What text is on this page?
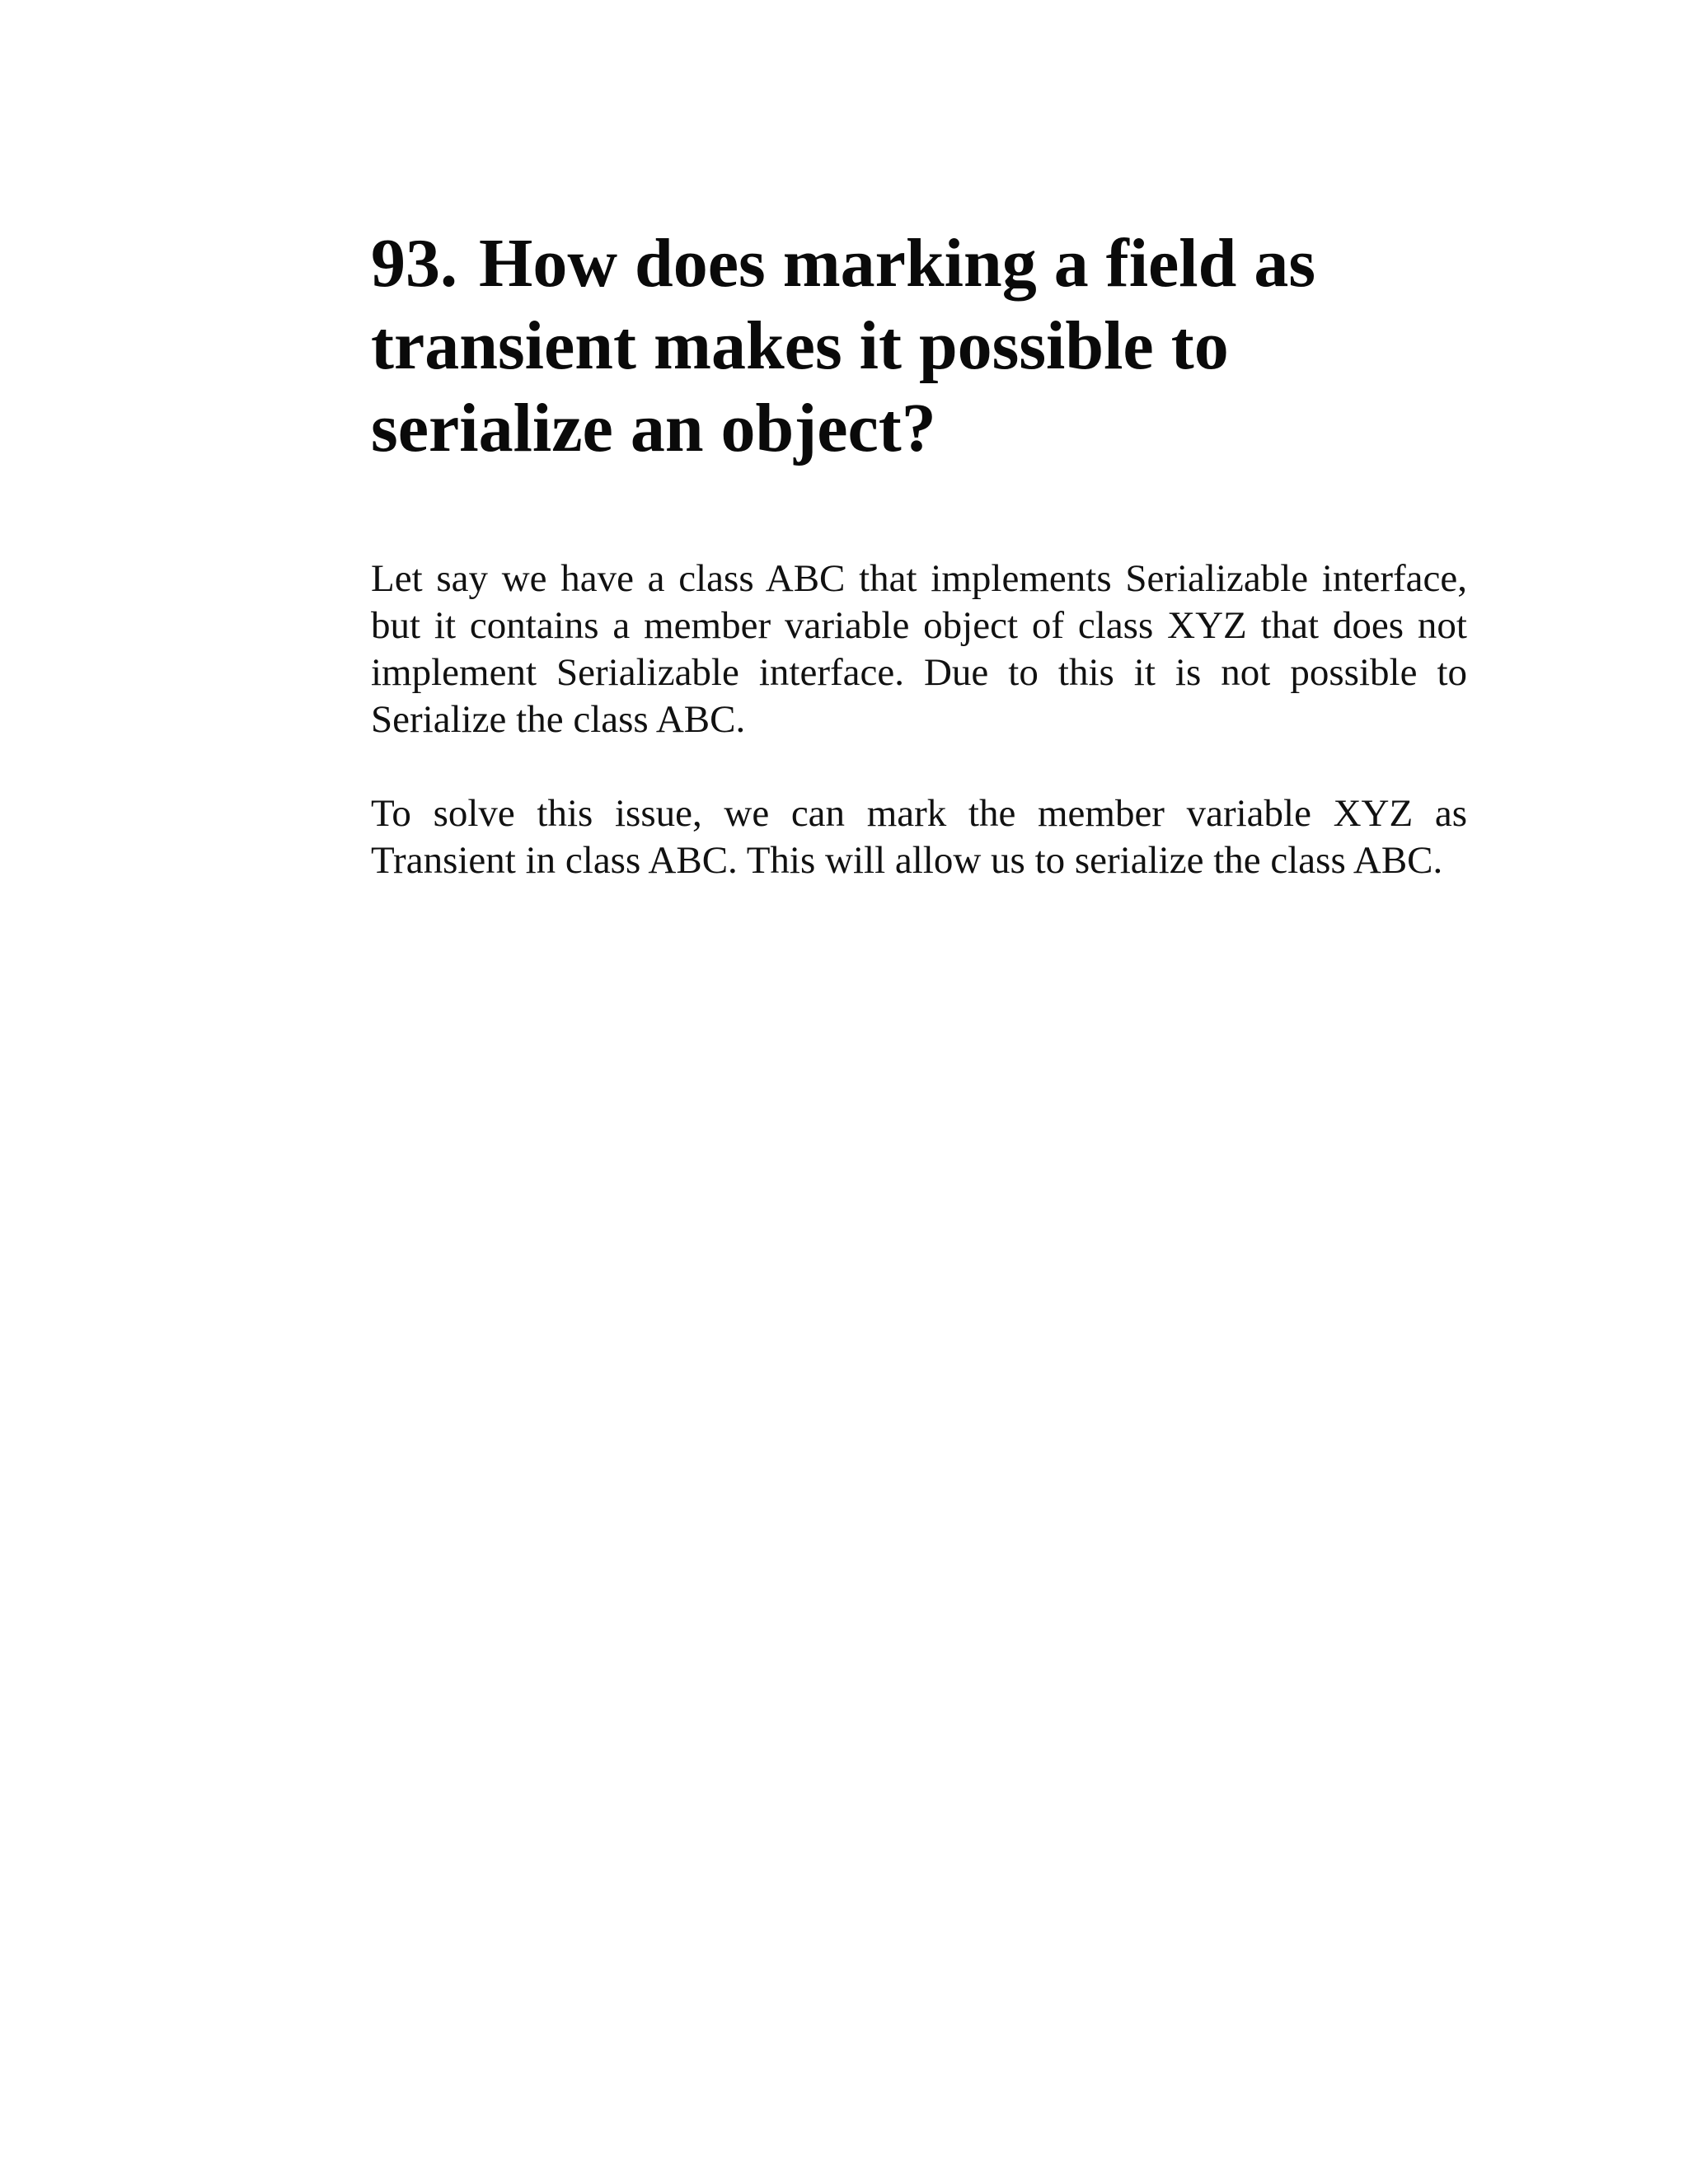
93. How does marking a field as transient makes it possible to serialize an object?

Let say we have a class ABC that implements Serializable interface, but it contains a member variable object of class XYZ that does not implement Serializable interface. Due to this it is not possible to Serialize the class ABC.

To solve this issue, we can mark the member variable XYZ as Transient in class ABC. This will allow us to serialize the class ABC.
